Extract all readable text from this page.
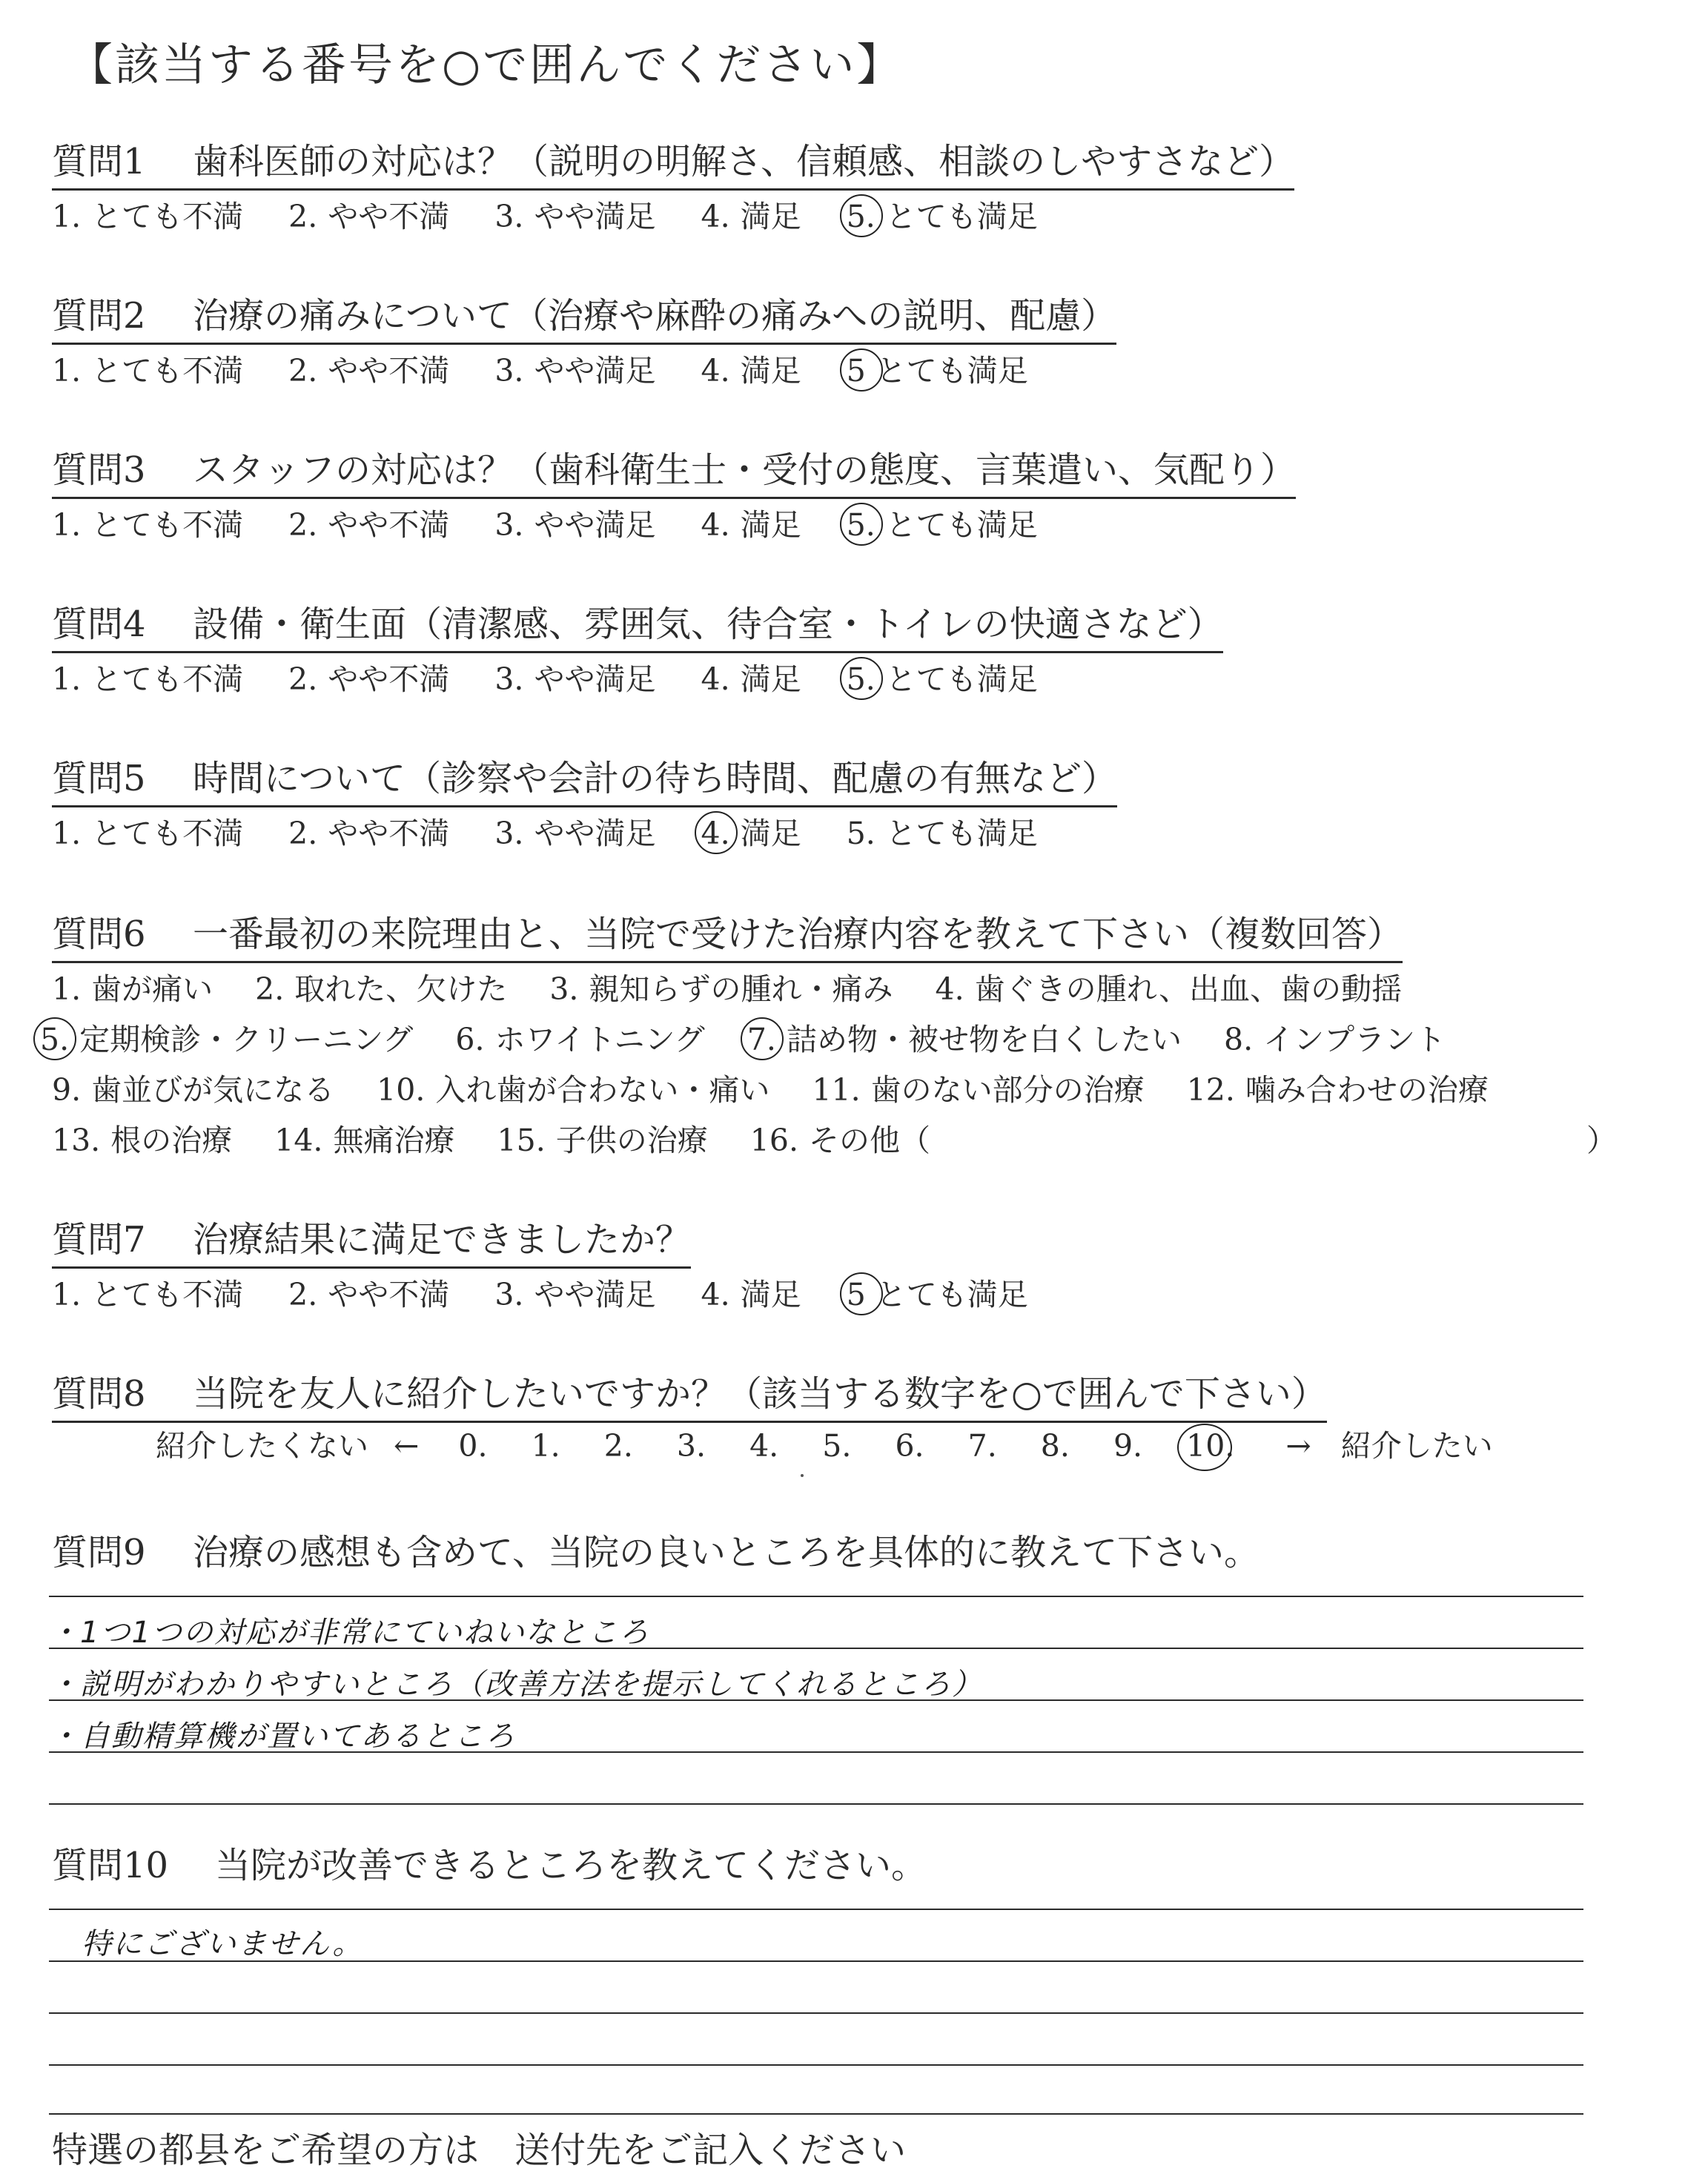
【該当する番号を○で囲んでください】
質問1 歯科医師の対応は？（説明の明解さ、信頼感、相談のしやすさなど）
1. とても不満 2. やや不満 3. やや満足 4. 満足 5. とても満足
質問2 治療の痛みについて（治療や麻酔の痛みへの説明、配慮）
1. とても不満 2. やや不満 3. やや満足 4. 満足 5 とても満足
質問3 スタッフの対応は？（歯科衛生士・受付の態度、言葉遣い、気配り）
1. とても不満 2. やや不満 3. やや満足 4. 満足 5. とても満足
質問4 設備・衛生面（清潔感、雰囲気、待合室・トイレの快適さなど）
1. とても不満 2. やや不満 3. やや満足 4. 満足 5. とても満足
質問5 時間について（診察や会計の待ち時間、配慮の有無など）
1. とても不満 2. やや不満 3. やや満足 4. 満足 5. とても満足
質問6 一番最初の来院理由と、当院で受けた治療内容を教えて下さい（複数回答）
1. 歯が痛い 2. 取れた、欠けた 3. 親知らずの腫れ・痛み 4. 歯ぐきの腫れ、出血、歯の動揺
5. 定期検診・クリーニング 6. ホワイトニング 7. 詰め物・被せ物を白くしたい 8. インプラント
9. 歯並びが気になる 10. 入れ歯が合わない・痛い 11. 歯のない部分の治療 12. 噛み合わせの治療
13. 根の治療 14. 無痛治療 15. 子供の治療 16. その他（	）
質問7 治療結果に満足できましたか？
1. とても不満 2. やや不満 3. やや満足 4. 満足 5 とても満足
質問8 当院を友人に紹介したいですか？（該当する数字を○で囲んで下さい）
紹介したくない ← 0. 1. 2. 3. 4. 5. 6. 7. 8. 9. 10. → 紹介したい
質問9 治療の感想も含めて、当院の良いところを具体的に教えて下さい。
・1つ1つの対応が非常にていねいなところ
・説明がわかりやすいところ（改善方法を提示してくれるところ）
・自動精算機が置いてあるところ
質問10 当院が改善できるところを教えてください。
特にございません。
特選の都县をご希望の方は　送付先をご記入ください
